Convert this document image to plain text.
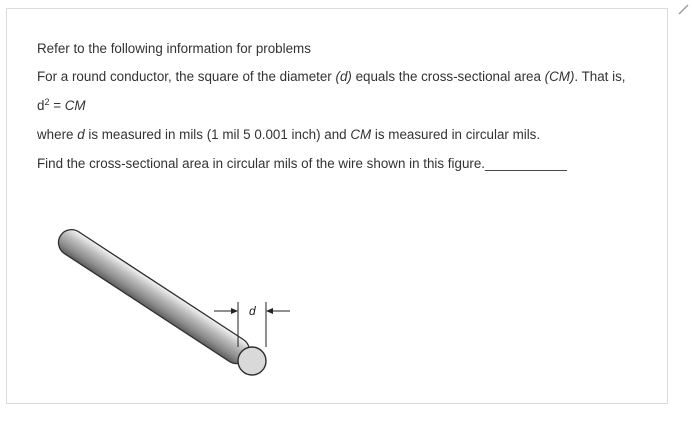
Refer to the following information for problems

For a round conductor, the square of the diameter (d) equals the cross-sectional area (CM). That is,

$d^2$ = CM

where d is measured in mils (1 mil 5 0.001 inch) and CM is measured in circular mils.

Find the cross-sectional area in circular mils of the wire shown in this figure.___________

d
